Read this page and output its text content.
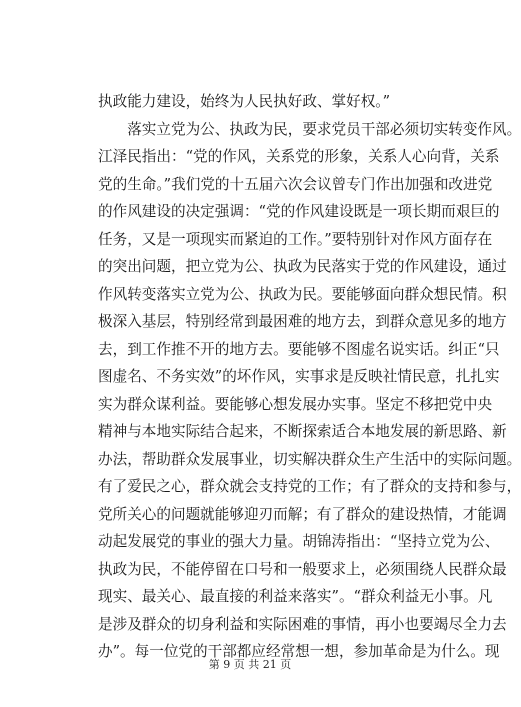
执政能力建设，始终为人民执好政、掌好权。”
　　落实立党为公、执政为民，要求党员干部必须切实转变作风。
江泽民指出：“党的作风，关系党的形象，关系人心向背，关系
党的生命。”我们党的十五届六次会议曾专门作出加强和改进党
的作风建设的决定强调：“党的作风建设既是一项长期而艰巨的
任务，又是一项现实而紧迫的工作。”要特别针对作风方面存在
的突出问题，把立党为公、执政为民落实于党的作风建设，通过
作风转变落实立党为公、执政为民。要能够面向群众想民情。积
极深入基层，特别经常到最困难的地方去，到群众意见多的地方
去，到工作推不开的地方去。要能够不图虚名说实话。纠正“只
图虚名、不务实效”的坏作风，实事求是反映社情民意，扎扎实
实为群众谋利益。要能够心想发展办实事。坚定不移把党中央
精神与本地实际结合起来，不断探索适合本地发展的新思路、新
办法，帮助群众发展事业，切实解决群众生产生活中的实际问题。
有了爱民之心，群众就会支持党的工作；有了群众的支持和参与，
党所关心的问题就能够迎刃而解；有了群众的建设热情，才能调
动起发展党的事业的强大力量。胡锦涛指出：“坚持立党为公、
执政为民，不能停留在口号和一般要求上，必须围绕人民群众最
现实、最关心、最直接的利益来落实”。“群众利益无小事。凡
是涉及群众的切身利益和实际困难的事情，再小也要竭尽全力去
办”。每一位党的干部都应经常想一想，参加革命是为什么。现
第 9 页 共 21 页
